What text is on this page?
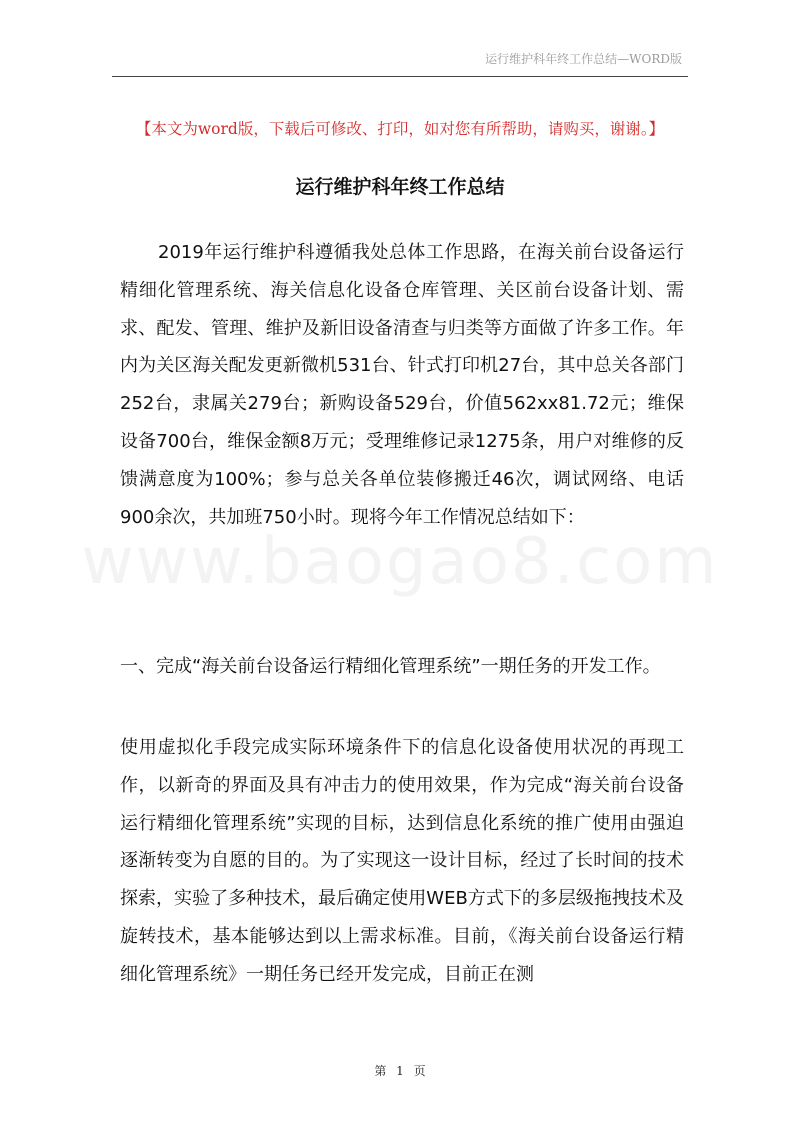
运行维护科年终工作总结—WORD版
【本文为word版，下载后可修改、打印，如对您有所帮助，请购买，谢谢。】
运行维护科年终工作总结
www.baogao8.com

2019年运行维护科遵循我处总体工作思路，在海关前台设备运行精细化管理系统、海关信息化设备仓库管理、关区前台设备计划、需求、配发、管理、维护及新旧设备清查与归类等方面做了许多工作。年内为关区海关配发更新微机531台、针式打印机27台，其中总关各部门252台，隶属关279台；新购设备529台，价值562xx81.72元；维保设备700台，维保金额8万元；受理维修记录1275条，用户对维修的反馈满意度为100%；参与总关各单位装修搬迁46次，调试网络、电话900余次，共加班750小时。现将今年工作情况总结如下：

一、完成“海关前台设备运行精细化管理系统”一期任务的开发工作。

使用虚拟化手段完成实际环境条件下的信息化设备使用状况的再现工作，以新奇的界面及具有冲击力的使用效果，作为完成“海关前台设备运行精细化管理系统”实现的目标，达到信息化系统的推广使用由强迫逐渐转变为自愿的目的。为了实现这一设计目标，经过了长时间的技术探索，实验了多种技术，最后确定使用WEB方式下的多层级拖拽技术及旋转技术，基本能够达到以上需求标准。目前，《海关前台设备运行精细化管理系统》一期任务已经开发完成，目前正在测

第 1 页
